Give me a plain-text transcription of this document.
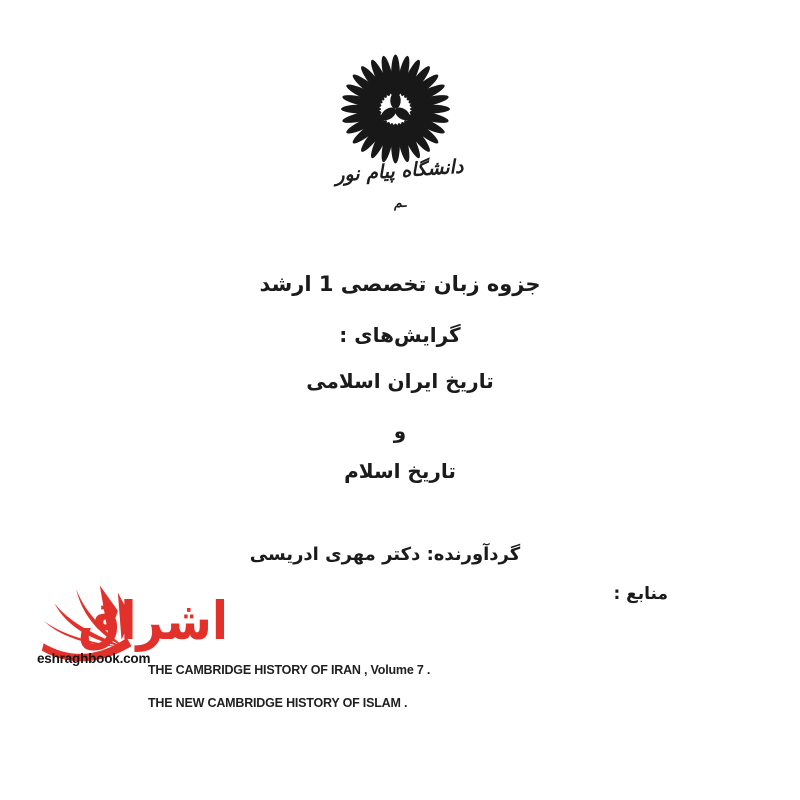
دانشگاه پیام نور
ـم
جزوه زبان تخصصی 1 ارشد
گرایش‌های :
تاریخ ایران اسلامی
و
تاریخ اسلام
گردآورنده: دکتر مهری ادریسی
منابع :
THE CAMBRIDGE HISTORY OF IRAN , Volume 7 .
THE NEW CAMBRIDGE HISTORY OF ISLAM .
اشراق
eshraghbook.com
